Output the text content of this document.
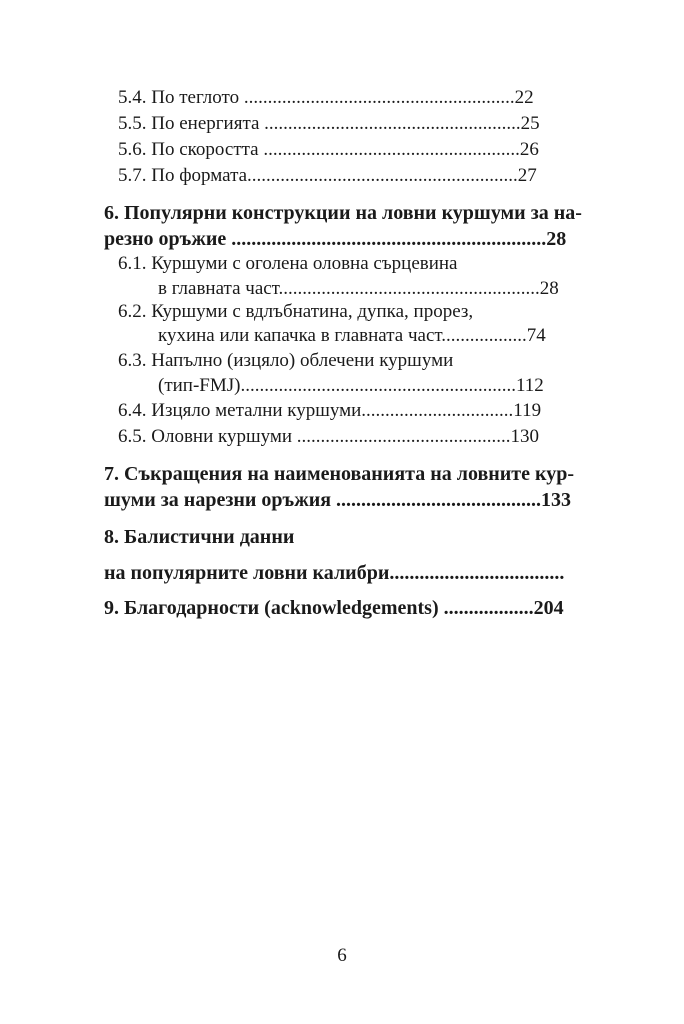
5.4. По теглото .........................................................22
5.5. По енергията ......................................................25
5.6. По скоростта ......................................................26
5.7. По формата.........................................................27
6. Популярни конструкции на ловни куршуми за на-
резно оръжие ...............................................................28
6.1. Куршуми с оголена оловна сърцевина
в главната част.......................................................28
6.2. Куршуми с вдлъбнатина, дупка, прорез,
кухина или капачка в главната част..................74
6.3. Напълно (изцяло) облечени куршуми
(тип-FMJ)..........................................................112
6.4. Изцяло метални куршуми................................119
6.5. Оловни куршуми .............................................130
7. Съкращения на наименованията на ловните кур-
шуми за нарезни оръжия .........................................133
8. Балистични данни
на популярните ловни калибри...................................
9. Благодарности (acknowledgements) ..................204
6
